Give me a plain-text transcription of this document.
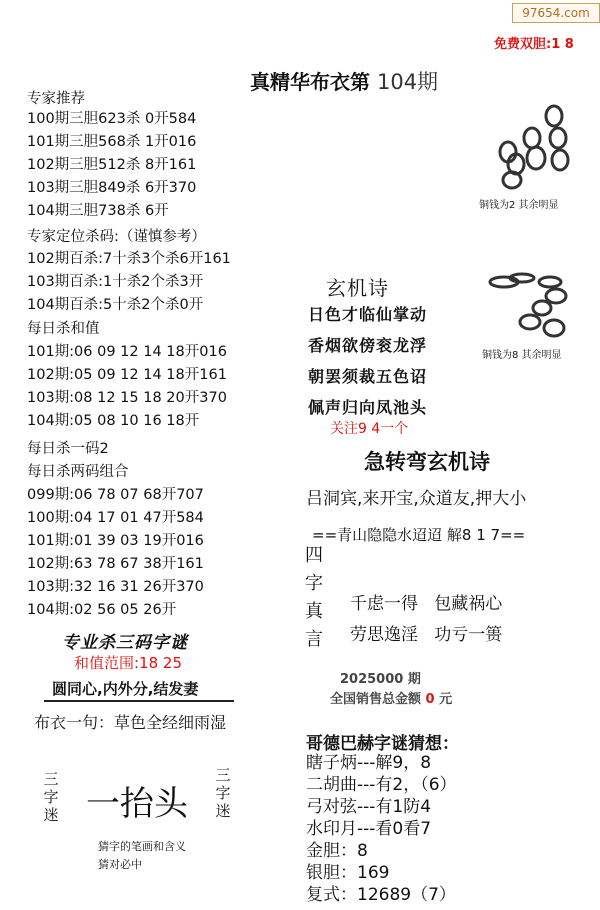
97654.com
免费双胆:1 8
真精华布衣第 104期
专家推荐
100期三胆623杀 0开584
101期三胆568杀 1开016
102期三胆512杀 8开161
103期三胆849杀 6开370
104期三胆738杀 6开
专家定位杀码:（谨慎参考）
102期百杀:7十杀3个杀6开161
103期百杀:1十杀2个杀3开
104期百杀:5十杀2个杀0开
每日杀和值
101期:06 09 12 14 18开016
102期:05 09 12 14 18开161
103期:08 12 15 18 20开370
104期:05 08 10 16 18开
每日杀一码2
每日杀两码组合
099期:06 78 07 68开707
100期:04 17 01 47开584
101期:01 39 03 19开016
102期:63 78 67 38开161
103期:32 16 31 26开370
104期:02 56 05 26开
专业杀三码字谜
和值范围:18 25
圆同心,内外分,结发妻
布衣一句：草色全经细雨湿
三字迷 一抬头
三字迷
猜字的笔画和含义
猜对必中
铜钱为2 其余明显
铜钱为8 其余明显
玄机诗
日色才临仙掌动
香烟欲傍衮龙浮
朝罢须裁五色诏
佩声归向凤池头
关注9 4一个
急转弯玄机诗
吕洞宾,来开宝,众道友,押大小
==青山隐隐水迢迢 解8 1 7==
四字真言
千虑一得 包藏祸心
劳思逸淫 功亏一篑
2025000 期
全国销售总金额 0 元
哥德巴赫字谜猜想：
瞎子炳---解9，8
二胡曲---有2，（6）
弓对弦---有1防4
水印月---看0看7
金胆：8
银胆：169
复式：12689（7）
